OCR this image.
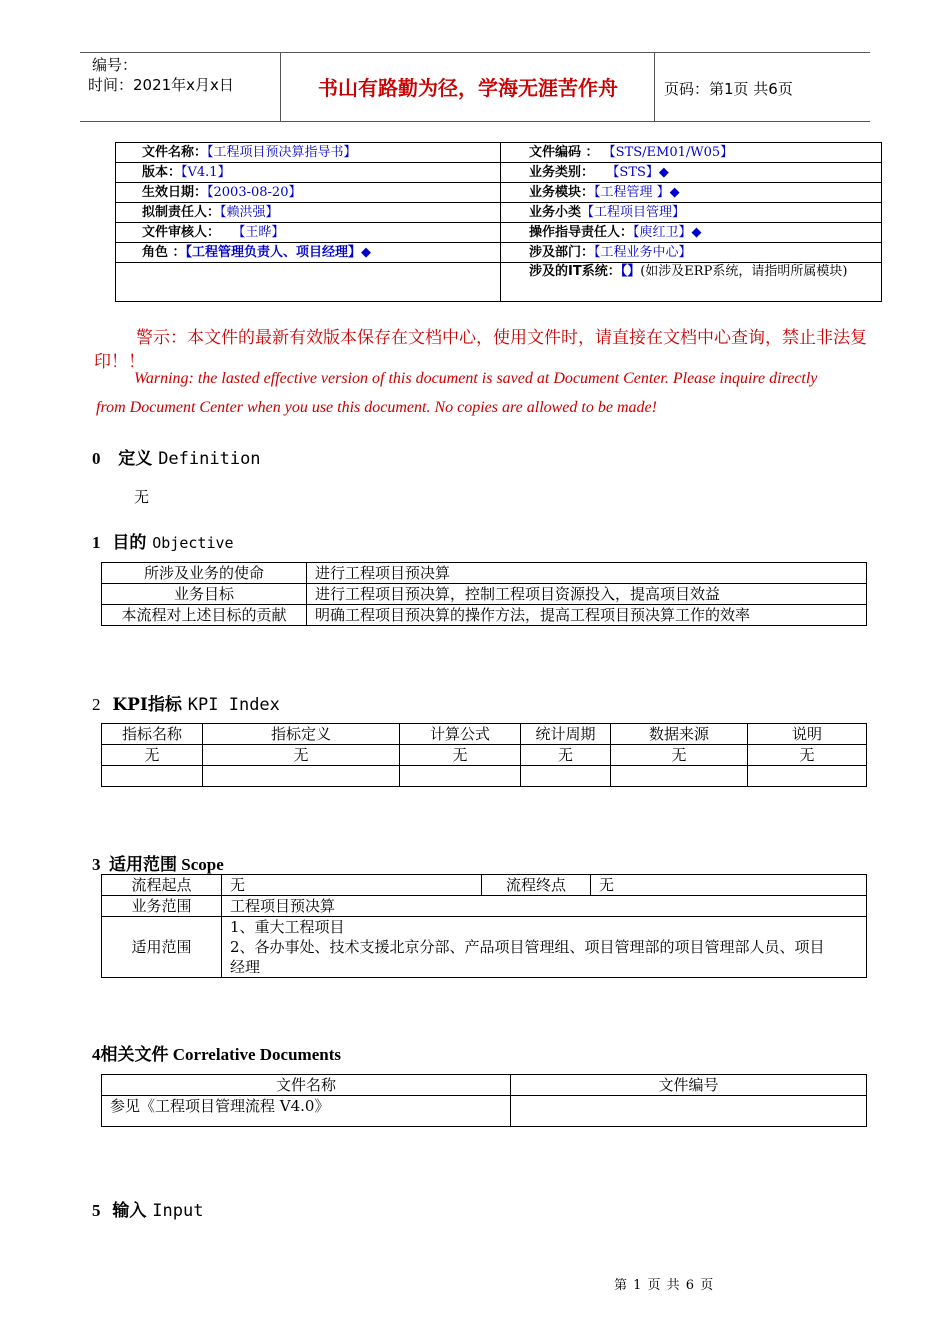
编号：
时间：2021年x月x日	书山有路勤为径，学海无涯苦作舟	页码：第1页 共6页
文件名称：【工程项目预决算指导书】	文件编码 ： 【STS/EM01/W05】
版本：【V4.1】	业务类别： 【STS】◆
生效日期：【2003-08-20】	业务模块：【工程管理 】◆
拟制责任人：【赖洪强】	业务小类【工程项目管理】
文件审核人： 【王晔】	操作指导责任人：【庾红卫】◆
角色 ：【工程管理负责人、项目经理】◆	涉及部门：【工程业务中心】
	涉及的IT系统：【】(如涉及ERP系统，请指明所属模块)
警示：本文件的最新有效版本保存在文档中心，使用文件时，请直接在文档中心查询，禁止非法复印！！
Warning: the lasted effective version of this document is saved at Document Center. Please inquire directly
from Document Center when you use this document. No copies are allowed to be made!
0 定义 Definition
无
1 目的 Objective
所涉及业务的使命	进行工程项目预决算
业务目标	进行工程项目预决算，控制工程项目资源投入，提高项目效益
本流程对上述目标的贡献	明确工程项目预决算的操作方法，提高工程项目预决算工作的效率
2 KPI指标 KPI Index
指标名称	指标定义	计算公式	统计周期	数据来源	说明
无	无	无	无	无	无

3 适用范围 Scope
流程起点	无	流程终点	无
业务范围	工程项目预决算		
适用范围	1、重大工程项目
2、各办事处、技术支援北京分部、产品项目管理组、项目管理部的项目管理部人员、项目经理		
4相关文件 Correlative Documents
文件名称	文件编号
参见《工程项目管理流程 V4.0》	
5 输入 Input
第 1 页 共 6 页
